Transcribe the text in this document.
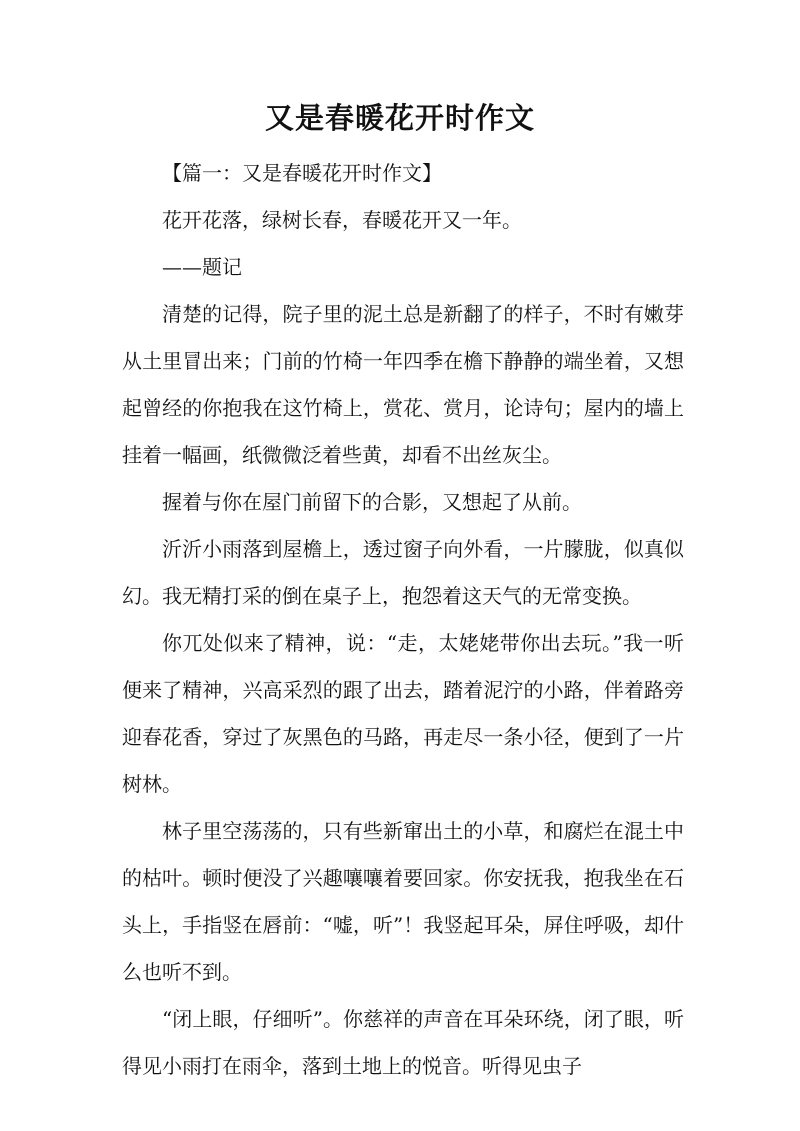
又是春暖花开时作文

【篇一：又是春暖花开时作文】

花开花落，绿树长春，春暖花开又一年。

——题记

清楚的记得，院子里的泥土总是新翻了的样子，不时有嫩芽从土里冒出来；门前的竹椅一年四季在檐下静静的端坐着，又想起曾经的你抱我在这竹椅上，赏花、赏月，论诗句；屋内的墙上挂着一幅画，纸微微泛着些黄，却看不出丝灰尘。

握着与你在屋门前留下的合影，又想起了从前。

沂沂小雨落到屋檐上，透过窗子向外看，一片朦胧，似真似幻。我无精打采的倒在桌子上，抱怨着这天气的无常变换。

你兀处似来了精神，说：“走，太姥姥带你出去玩。”我一听便来了精神，兴高采烈的跟了出去，踏着泥泞的小路，伴着路旁迎春花香，穿过了灰黑色的马路，再走尽一条小径，便到了一片树林。

林子里空荡荡的，只有些新窜出土的小草，和腐烂在混土中的枯叶。顿时便没了兴趣嚷嚷着要回家。你安抚我，抱我坐在石头上，手指竖在唇前：“嘘，听”！我竖起耳朵，屏住呼吸，却什么也听不到。

“闭上眼，仔细听”。你慈祥的声音在耳朵环绕，闭了眼，听得见小雨打在雨伞，落到土地上的悦音。听得见虫子
